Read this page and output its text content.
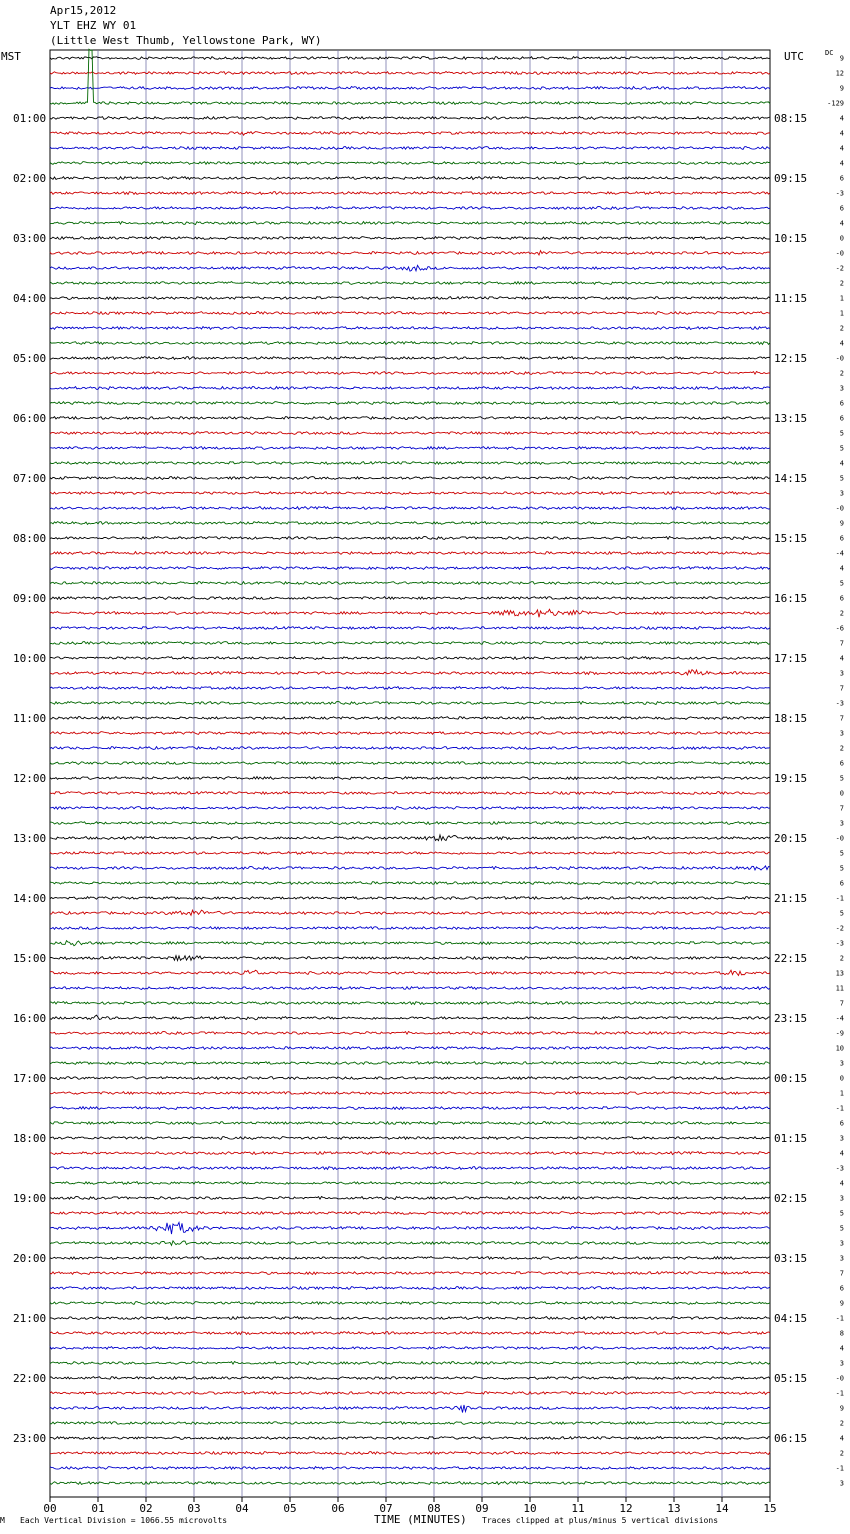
Apr15,2012
YLT EHZ WY 01
(Little West Thumb, Yellowstone Park, WY)
MST	UTC	DC
00	01	02	03	04	05	06	07	08	09	10	11	12	13	14	15
9
12
9
-129
4
4
4
4
6
-3
6
4
0
-0
-2
2
1
1
2
4
-0
2
3
6
6
5
5
4
5
3
-0
9
6
-4
4
5
6
2
-6
7
4
3
7
-3
7
3
2
6
5
0
7
3
-0
5
5
6
-1
5
-2
-3
2
13
11
7
-4
-9
10
3
0
1
-1
6
3
4
-3
4
3
5
5
3
3
7
6
9
-1
8
4
3
-0
-1
9
2
4
2
-1
3
01:00
02:00
03:00
04:00
05:00
06:00
07:00
08:00
09:00
10:00
11:00
12:00
13:00
14:00
15:00
16:00
17:00
18:00
19:00
20:00
21:00
22:00
23:00
08:15
09:15
10:15
11:15
12:15
13:15
14:15
15:15
16:15
17:15
18:15
19:15
20:15
21:15
22:15
23:15
00:15
01:15
02:15
03:15
04:15
05:15
06:15
M Each Vertical Division = 1066.55 microvolts	TIME (MINUTES) Traces clipped at plus/minus 5 vertical divisions
